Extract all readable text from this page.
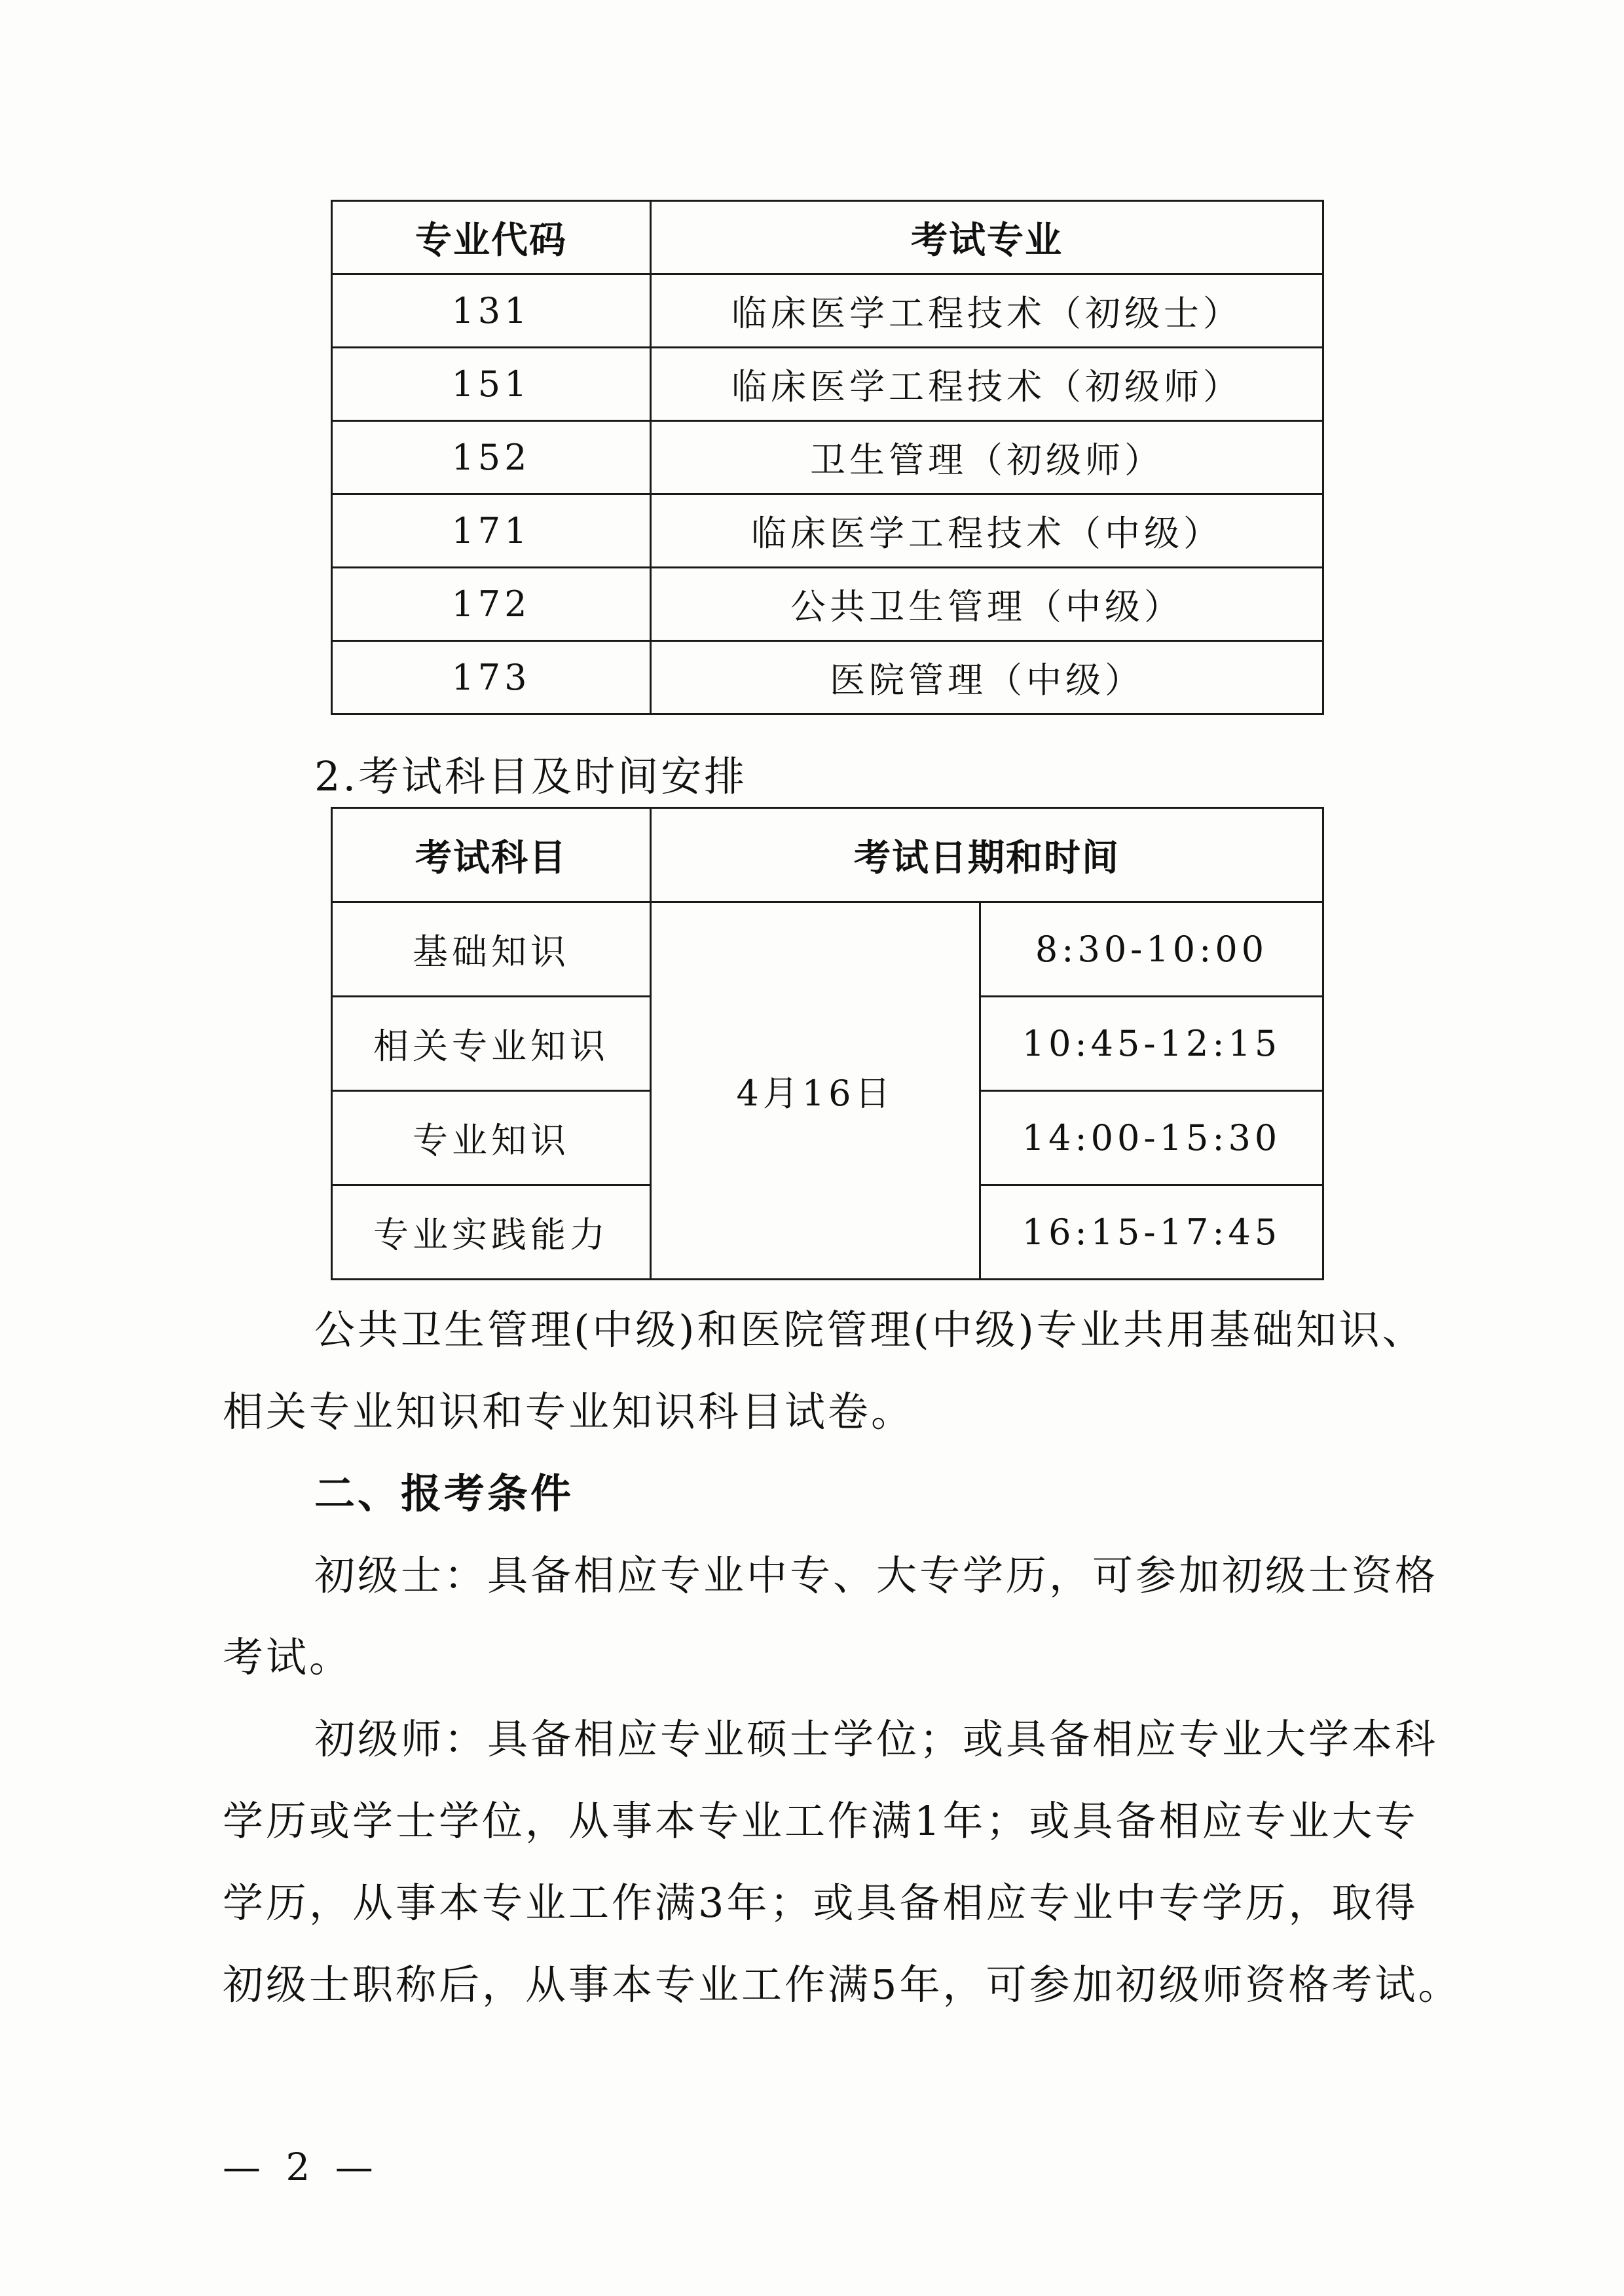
专业代码	考试专业
131	临床医学工程技术（初级士）
151	临床医学工程技术（初级师）
152	卫生管理（初级师）
171	临床医学工程技术（中级）
172	公共卫生管理（中级）
173	医院管理（中级）
2.考试科目及时间安排
考试科目	考试日期和时间	
基础知识	4月16日	8:30-10:00
相关专业知识		10:45-12:15
专业知识		14:00-15:30
专业实践能力		16:15-17:45
公共卫生管理(中级)和医院管理(中级)专业共用基础知识、
相关专业知识和专业知识科目试卷。
二、报考条件
初级士：具备相应专业中专、大专学历，可参加初级士资格
考试。
初级师：具备相应专业硕士学位；或具备相应专业大学本科
学历或学士学位，从事本专业工作满1年；或具备相应专业大专
学历，从事本专业工作满3年；或具备相应专业中专学历，取得
初级士职称后，从事本专业工作满5年，可参加初级师资格考试。
— 2 —
